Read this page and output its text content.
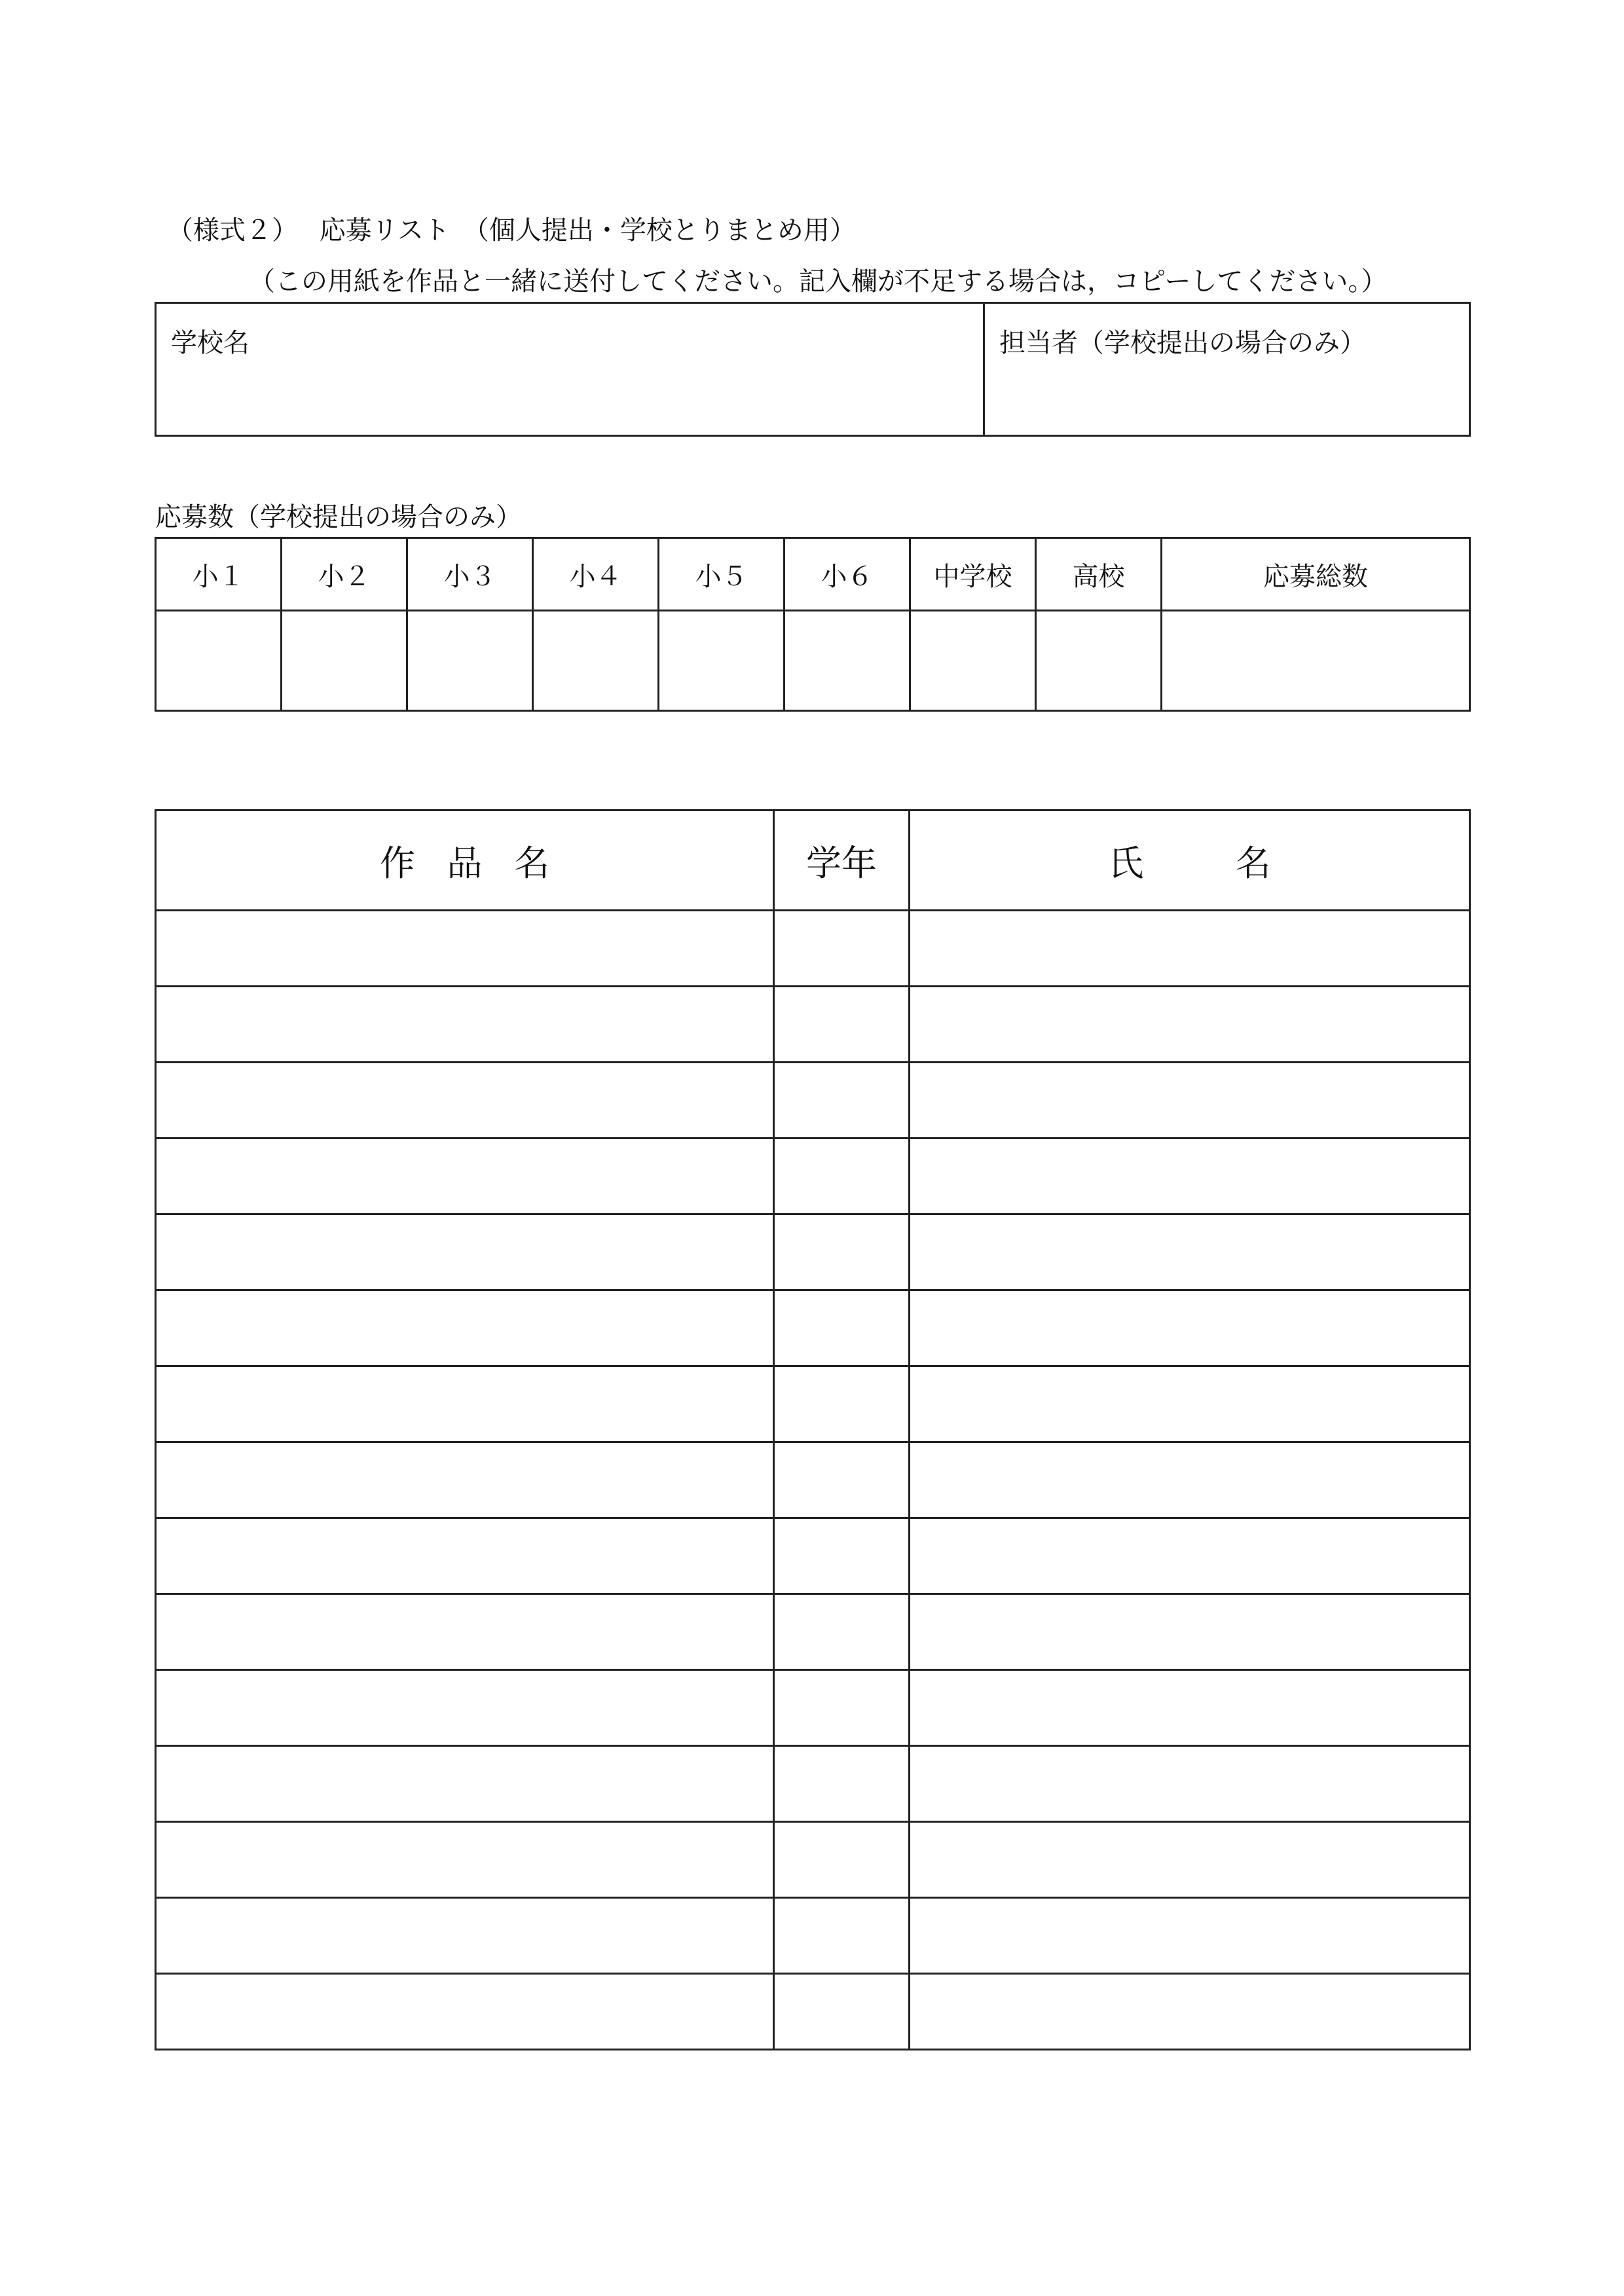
（様式２）　 応募リスト　（個人提出・学校とりまとめ用）
（この用紙を作品と一緒に送付してください。記入欄が不足する場合は，コピーしてください。）
学校名	担当者（学校提出の場合のみ）
応募数（学校提出の場合のみ）
小１	小２	小３	小４	小５	小６	中学校	高校	応募総数

作品名	学年	氏名
